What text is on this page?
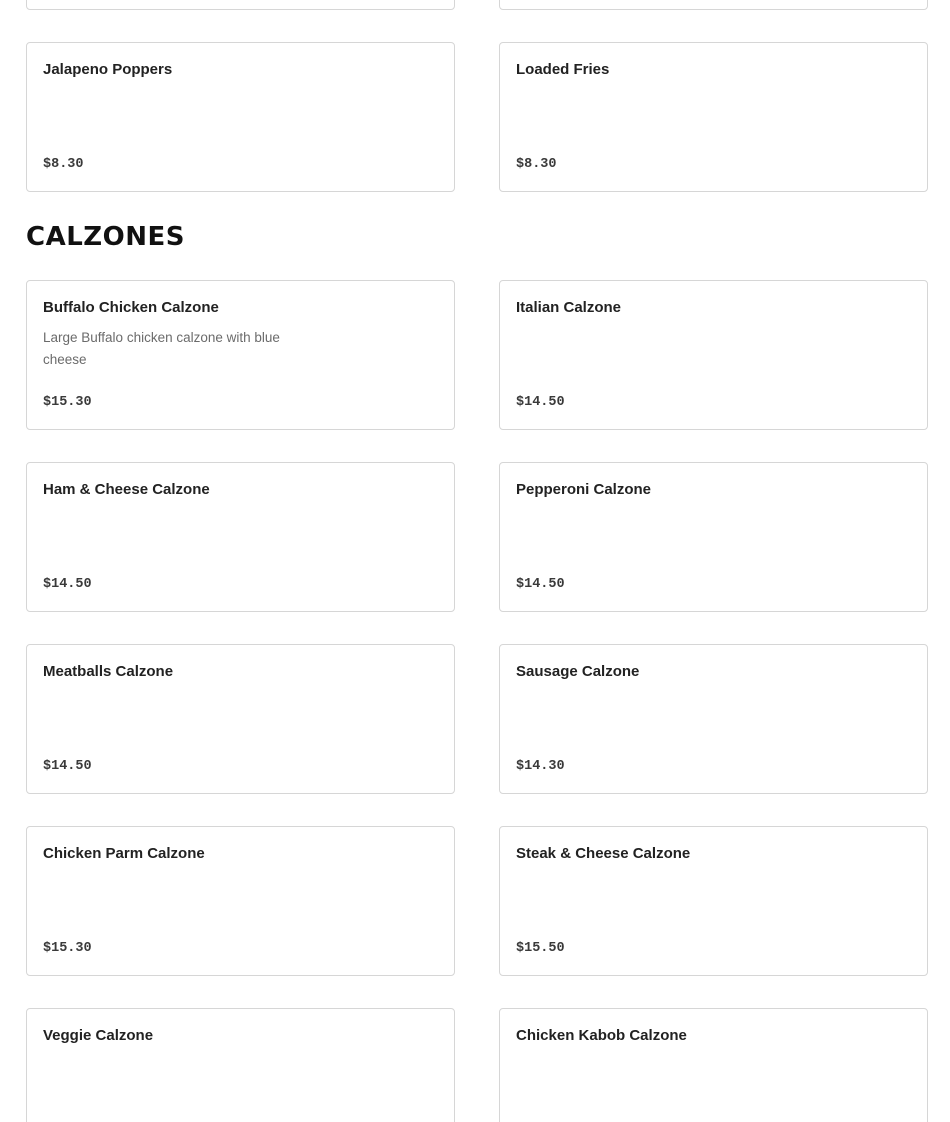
Jalapeno Poppers
$8.30
Loaded Fries
$8.30
CALZONES
Buffalo Chicken Calzone
Large Buffalo chicken calzone with blue cheese
$15.30
Italian Calzone
$14.50
Ham & Cheese Calzone
$14.50
Pepperoni Calzone
$14.50
Meatballs Calzone
$14.50
Sausage Calzone
$14.30
Chicken Parm Calzone
$15.30
Steak & Cheese Calzone
$15.50
Veggie Calzone	Chicken Kabob Calzone
